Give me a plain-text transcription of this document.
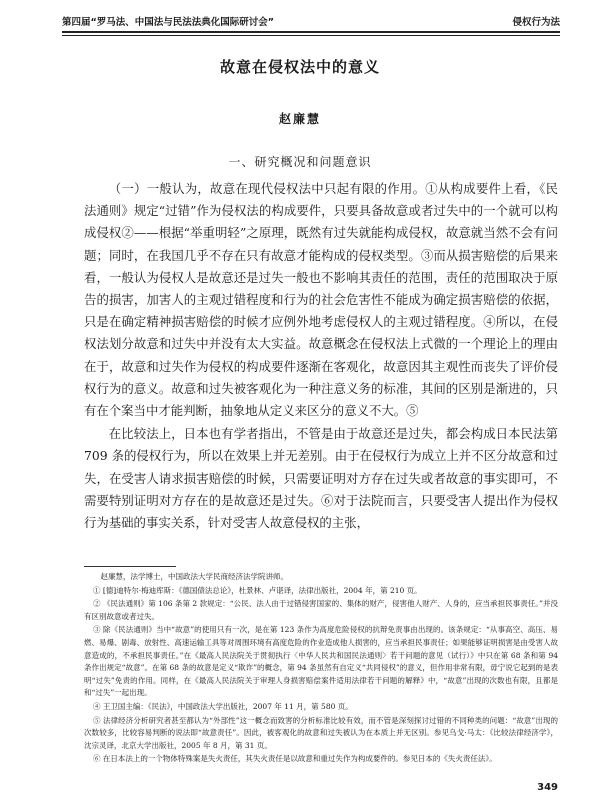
第四届“罗马法、中国法与民法法典化国际研讨会”	侵权行为法
故意在侵权法中的意义
赵廉慧
一、研究概况和问题意识

（一）一般认为，故意在现代侵权法中只起有限的作用。①从构成要件上看，《民法通则》规定“过错”作为侵权法的构成要件，只要具备故意或者过失中的一个就可以构成侵权②——根据“举重明轻”之原理，既然有过失就能构成侵权，故意就当然不会有问题；同时，在我国几乎不存在只有故意才能构成的侵权类型。③而从损害赔偿的后果来看，一般认为侵权人是故意还是过失一般也不影响其责任的范围，责任的范围取决于原告的损害，加害人的主观过错程度和行为的社会危害性不能成为确定损害赔偿的依据，只是在确定精神损害赔偿的时候才应例外地考虑侵权人的主观过错程度。④所以，在侵权法划分故意和过失中并没有太大实益。故意概念在侵权法上式微的一个理论上的理由在于，故意和过失作为侵权的构成要件逐渐在客观化，故意因其主观性而丧失了评价侵权行为的意义。故意和过失被客观化为一种注意义务的标准，其间的区别是渐进的，只有在个案当中才能判断，抽象地从定义来区分的意义不大。⑤

在比较法上，日本也有学者指出，不管是由于故意还是过失，都会构成日本民法第 709 条的侵权行为，所以在效果上并无差别。由于在侵权行为成立上并不区分故意和过失，在受害人请求损害赔偿的时候，只需要证明对方存在过失或者故意的事实即可，不需要特别证明对方存在的是故意还是过失。⑥对于法院而言，只要受害人提出作为侵权行为基础的事实关系，针对受害人故意侵权的主张，

赵廉慧，法学博士，中国政法大学民商经济法学院讲师。

① [德]迪特尔·梅迪库斯：《德国债法总论》，杜景林、卢谌译，法律出版社，2004 年，第 210 页。

② 《民法通则》第 106 条第 2 款规定：“公民、法人由于过错侵害国家的、集体的财产，侵害他人财产、人身的，应当承担民事责任。”并没有区别故意或者过失。

③ 除《民法通则》当中“故意”的使用只有一次，是在第 123 条作为高度危险侵权的抗辩免责事由出现的。该条规定：“从事高空、高压、易燃、易爆、剧毒、放射性、高速运输工具等对周围环境有高度危险的作业造成他人损害的，应当承担民事责任；如果能够证明损害是由受害人故意造成的，不承担民事责任。”在《最高人民法院关于贯彻执行〈中华人民共和国民法通则〉若干问题的意见（试行）》中只在第 68 条和第 94 条作出规定“故意”。在第 68 条的故意是定义“欺诈”的概念，第 94 条虽然有自定义“共同侵权”的意义，但作用非常有限，毋宁说它起到的是表明“过失”免责的作用。同样，在《最高人民法院关于审理人身损害赔偿案件适用法律若干问题的解释》中，“故意”出现的次数也有限，且都是和“过失”一起出现。

④ 王卫国主编：《民法》，中国政法大学出版社，2007 年 11 月，第 580 页。

⑤ 法律经济分析研究者甚至都认为“外部性”这一概念而致害的分析标准比较有效，而不管是深刻探讨过错的不同种类的问题：“故意”出现的次数较多，比较容易判断的说法即“故意责任”。因此，被客观化的故意和过失被认为在本质上并无区别。参见乌戈·马太：《比较法律经济学》，沈宗灵译，北京大学出版社，2005 年 8 月，第 31 页。

⑥ 在日本法上的一个物体特殊案是失火责任，其失火责任是以故意和重过失作为构成要件的。参见日本的《失火责任法》。

349
